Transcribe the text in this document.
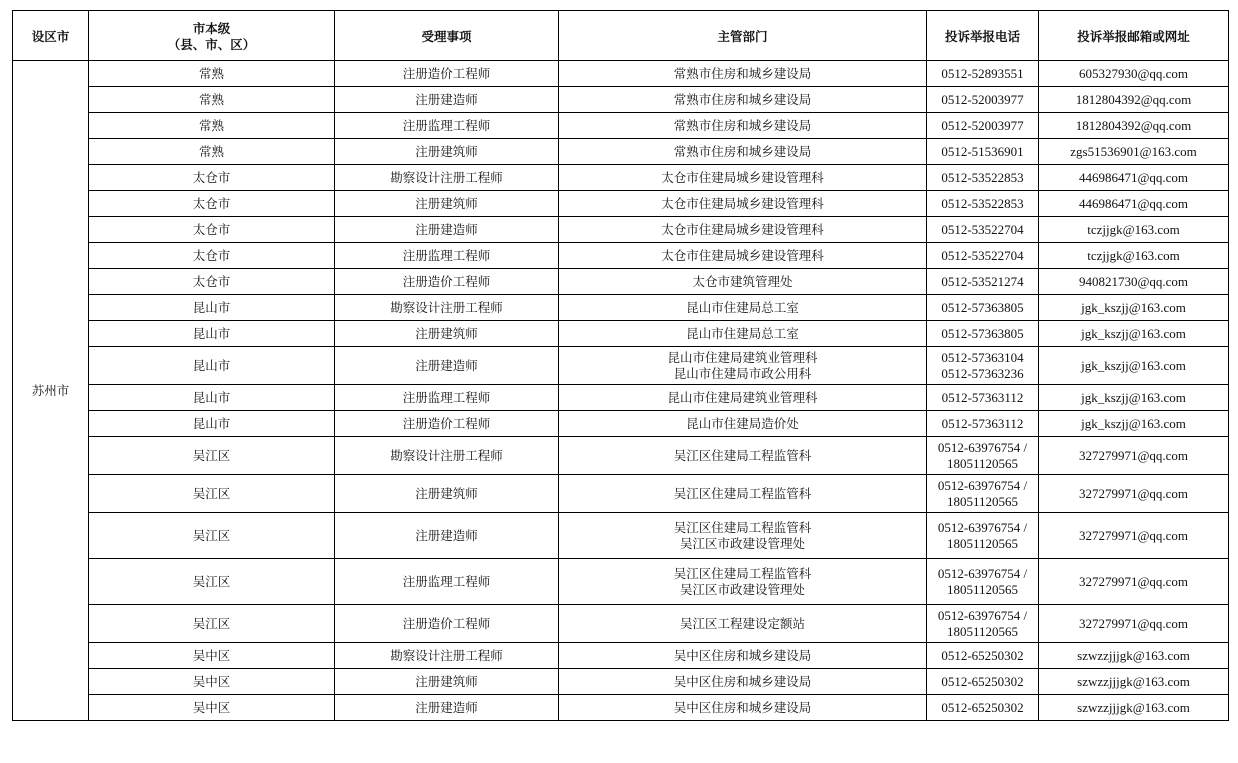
设区市	市本级
（县、市、区）	受理事项	主管部门	投诉举报电话	投诉举报邮箱或网址
苏州市	常熟	注册造价工程师	常熟市住房和城乡建设局	0512-52893551	605327930@qq.com
	常熟	注册建造师	常熟市住房和城乡建设局	0512-52003977	1812804392@qq.com
	常熟	注册监理工程师	常熟市住房和城乡建设局	0512-52003977	1812804392@qq.com
	常熟	注册建筑师	常熟市住房和城乡建设局	0512-51536901	zgs51536901@163.com
	太仓市	勘察设计注册工程师	太仓市住建局城乡建设管理科	0512-53522853	446986471@qq.com
	太仓市	注册建筑师	太仓市住建局城乡建设管理科	0512-53522853	446986471@qq.com
	太仓市	注册建造师	太仓市住建局城乡建设管理科	0512-53522704	tczjjgk@163.com
	太仓市	注册监理工程师	太仓市住建局城乡建设管理科	0512-53522704	tczjjgk@163.com
	太仓市	注册造价工程师	太仓市建筑管理处	0512-53521274	940821730@qq.com
	昆山市	勘察设计注册工程师	昆山市住建局总工室	0512-57363805	jgk_kszjj@163.com
	昆山市	注册建筑师	昆山市住建局总工室	0512-57363805	jgk_kszjj@163.com
	昆山市	注册建造师	昆山市住建局建筑业管理科
昆山市住建局市政公用科	0512-57363104
0512-57363236	jgk_kszjj@163.com
	昆山市	注册监理工程师	昆山市住建局建筑业管理科	0512-57363112	jgk_kszjj@163.com
	昆山市	注册造价工程师	昆山市住建局造价处	0512-57363112	jgk_kszjj@163.com
	吴江区	勘察设计注册工程师	吴江区住建局工程监管科	0512-63976754 /
18051120565	327279971@qq.com
	吴江区	注册建筑师	吴江区住建局工程监管科	0512-63976754 /
18051120565	327279971@qq.com
	吴江区	注册建造师	吴江区住建局工程监管科
吴江区市政建设管理处	0512-63976754 /
18051120565	327279971@qq.com
	吴江区	注册监理工程师	吴江区住建局工程监管科
吴江区市政建设管理处	0512-63976754 /
18051120565	327279971@qq.com
	吴江区	注册造价工程师	吴江区工程建设定额站	0512-63976754 /
18051120565	327279971@qq.com
	吴中区	勘察设计注册工程师	吴中区住房和城乡建设局	0512-65250302	szwzzjjjgk@163.com
	吴中区	注册建筑师	吴中区住房和城乡建设局	0512-65250302	szwzzjjjgk@163.com
	吴中区	注册建造师	吴中区住房和城乡建设局	0512-65250302	szwzzjjjgk@163.com
